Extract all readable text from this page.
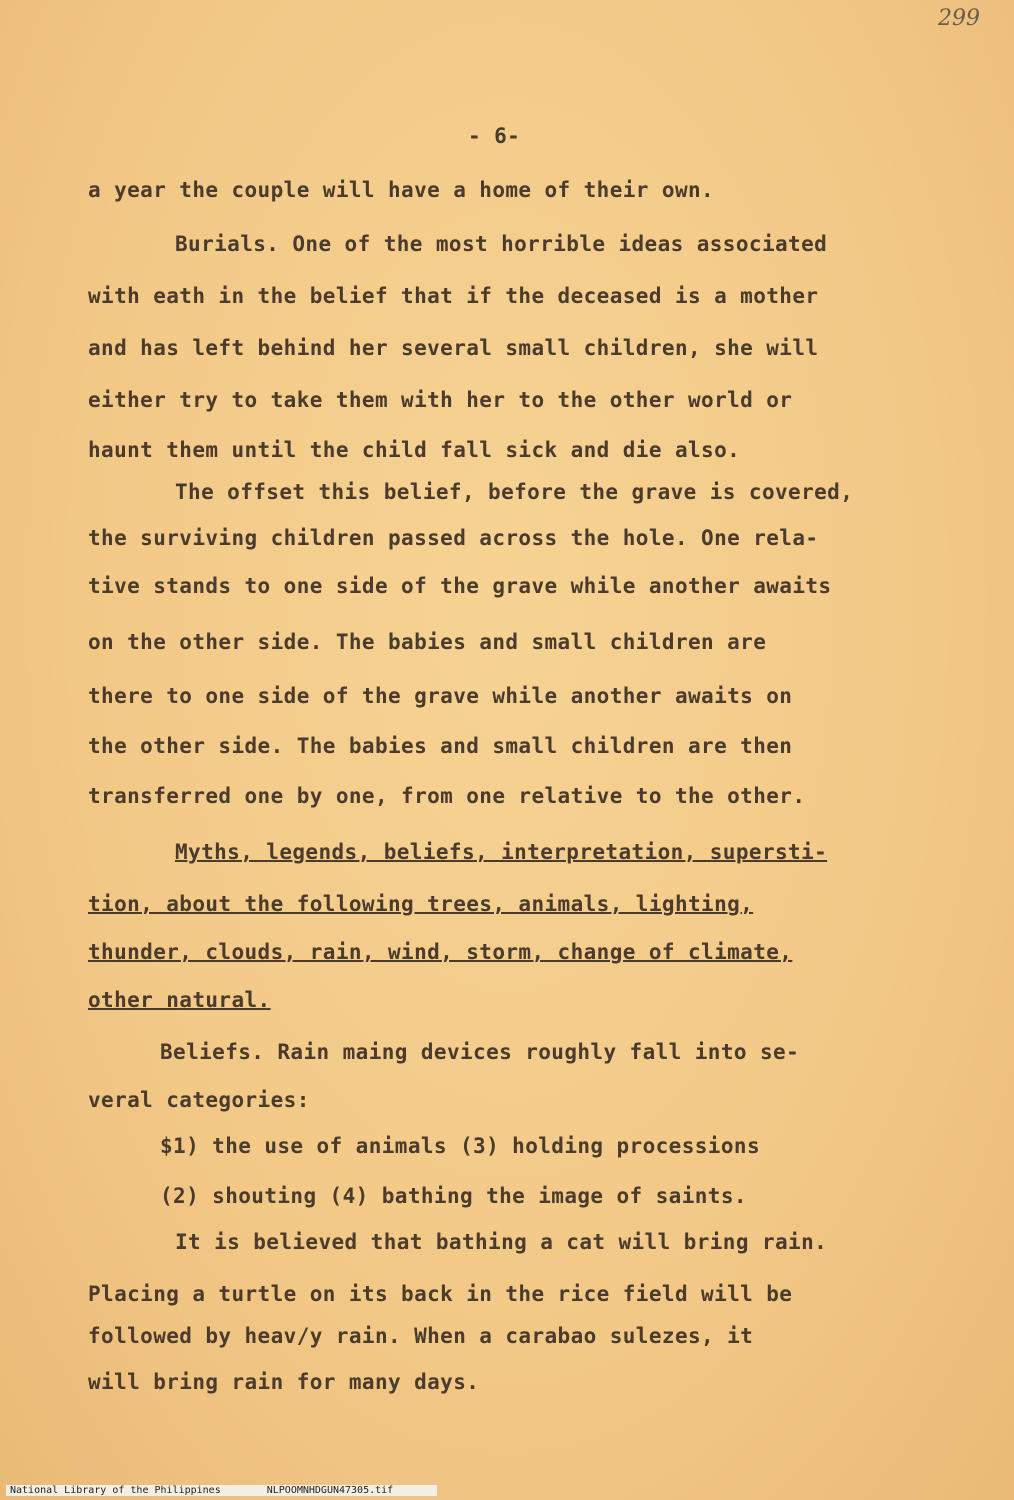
299
- 6-
a year the couple will have a home of their own.
Burials. One of the most horrible ideas associated
with eath in the belief that if the deceased is a mother
and has left behind her several small children, she will
either try to take them with her to the other world or
haunt them until the child fall sick and die also.
The offset this belief, before the grave is covered,
the surviving children passed across the hole. One rela-
tive stands to one side of the grave while another awaits
on the other side. The babies and small children are
there to one side of the grave while another awaits on
the other side. The babies and small children are then
transferred one by one, from one relative to the other.
Myths, legends, beliefs, interpretation, supersti-
tion, about the following trees, animals, lighting,
thunder, clouds, rain, wind, storm, change of climate,
other natural.
Beliefs. Rain maing devices roughly fall into se-
veral categories:
$1) the use of animals (3) holding processions
(2) shouting (4) bathing the image of saints.
It is believed that bathing a cat will bring rain.
Placing a turtle on its back in the rice field will be
followed by heav/y rain. When a carabao sulezes, it
will bring rain for many days.
National Library of the Philippines	NLPOOMNHDGUN47305.tif
